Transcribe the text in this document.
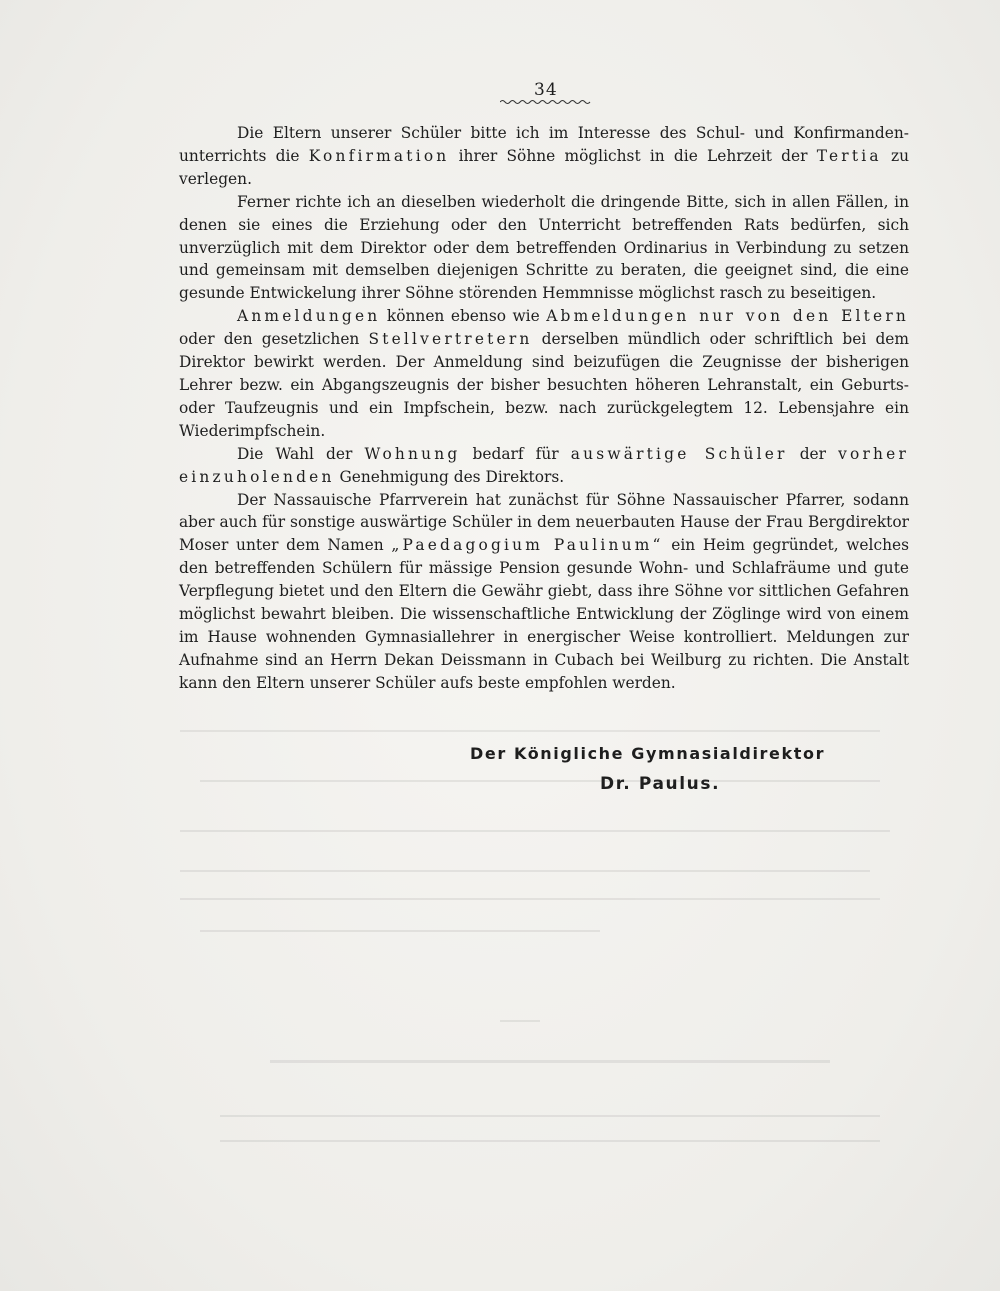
34

Die Eltern unserer Schüler bitte ich im Interesse des Schul- und Konfirmandenunterrichts die Konfirmation ihrer Söhne möglichst in die Lehrzeit der Tertia zu verlegen.

Ferner richte ich an dieselben wiederholt die dringende Bitte, sich in allen Fällen, in denen sie eines die Erziehung oder den Unterricht betreffenden Rats bedürfen, sich unverzüglich mit dem Direktor oder dem betreffenden Ordinarius in Verbindung zu setzen und gemeinsam mit demselben diejenigen Schritte zu beraten, die geeignet sind, die eine gesunde Entwickelung ihrer Söhne störenden Hemmnisse möglichst rasch zu beseitigen.

Anmeldungen können ebenso wie Abmeldungen nur von den Eltern oder den gesetzlichen Stellvertretern derselben mündlich oder schriftlich bei dem Direktor bewirkt werden. Der Anmeldung sind beizufügen die Zeugnisse der bisherigen Lehrer bezw. ein Abgangszeugnis der bisher besuchten höheren Lehranstalt, ein Geburts- oder Taufzeugnis und ein Impfschein, bezw. nach zurückgelegtem 12. Lebensjahre ein Wiederimpfschein.

Die Wahl der Wohnung bedarf für auswärtige Schüler der vorher einzuholenden Genehmigung des Direktors.

Der Nassauische Pfarrverein hat zunächst für Söhne Nassauischer Pfarrer, sodann aber auch für sonstige auswärtige Schüler in dem neuerbauten Hause der Frau Bergdirektor Moser unter dem Namen „Paedagogium Paulinum“ ein Heim gegründet, welches den betreffenden Schülern für mässige Pension gesunde Wohn- und Schlafräume und gute Verpflegung bietet und den Eltern die Gewähr giebt, dass ihre Söhne vor sittlichen Gefahren möglichst bewahrt bleiben. Die wissenschaftliche Entwicklung der Zöglinge wird von einem im Hause wohnenden Gymnasiallehrer in energischer Weise kontrolliert. Meldungen zur Aufnahme sind an Herrn Dekan Deissmann in Cubach bei Weilburg zu richten. Die Anstalt kann den Eltern unserer Schüler aufs beste empfohlen werden.

Der Königliche Gymnasialdirektor
Dr. Paulus.
